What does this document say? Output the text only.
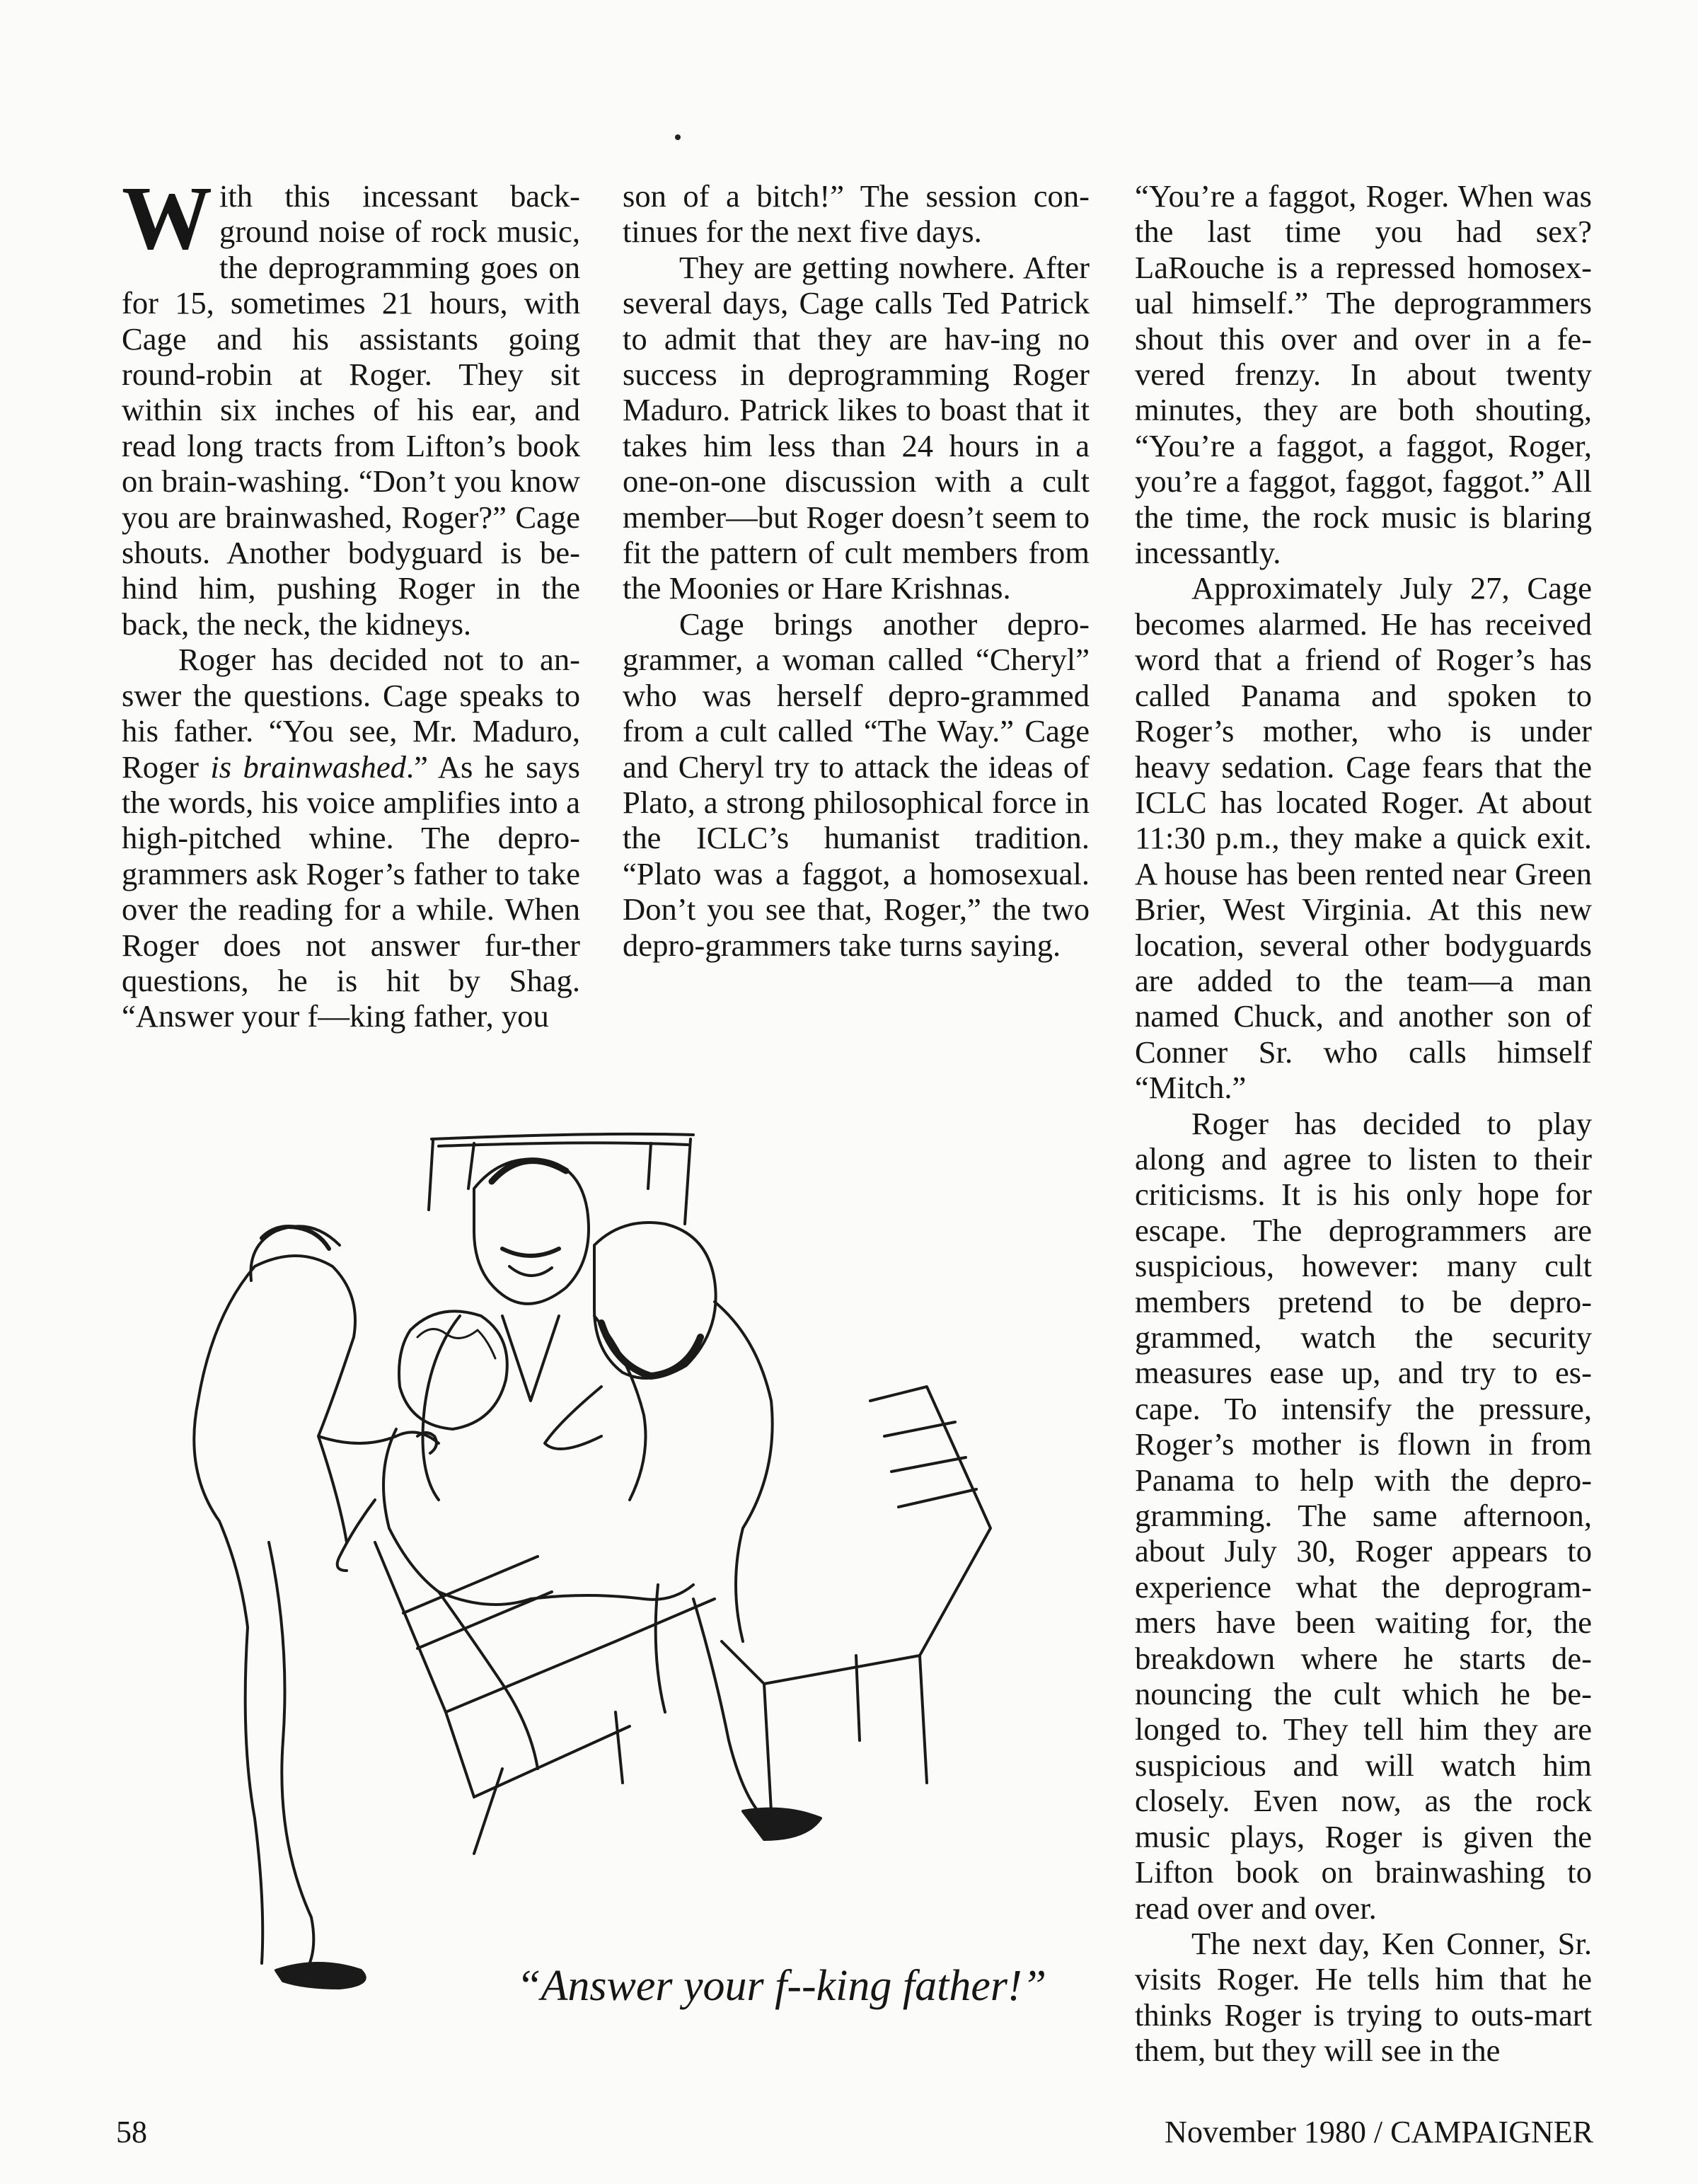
With this incessant back-ground noise of rock music, the deprogramming goes on for 15, sometimes 21 hours, with Cage and his assistants going round-robin at Roger. They sit within six inches of his ear, and read long tracts from Lifton’s book on brain-washing. “Don’t you know you are brainwashed, Roger?” Cage shouts. Another bodyguard is be-hind him, pushing Roger in the back, the neck, the kidneys.

Roger has decided not to an-swer the questions. Cage speaks to his father. “You see, Mr. Maduro, Roger is brainwashed.” As he says the words, his voice amplifies into a high-pitched whine. The depro-grammers ask Roger’s father to take over the reading for a while. When Roger does not answer fur-ther questions, he is hit by Shag. “Answer your f—king father, you

son of a bitch!” The session con-tinues for the next five days.

They are getting nowhere. After several days, Cage calls Ted Patrick to admit that they are hav-ing no success in deprogramming Roger Maduro. Patrick likes to boast that it takes him less than 24 hours in a one-on-one discussion with a cult member—but Roger doesn’t seem to fit the pattern of cult members from the Moonies or Hare Krishnas.

Cage brings another depro-grammer, a woman called “Cheryl” who was herself depro-grammed from a cult called “The Way.” Cage and Cheryl try to attack the ideas of Plato, a strong philosophical force in the ICLC’s humanist tradition. “Plato was a faggot, a homosexual. Don’t you see that, Roger,” the two depro-grammers take turns saying.

“You’re a faggot, Roger. When was the last time you had sex? LaRouche is a repressed homosex-ual himself.” The deprogrammers shout this over and over in a fe-vered frenzy. In about twenty minutes, they are both shouting, “You’re a faggot, a faggot, Roger, you’re a faggot, faggot, faggot.” All the time, the rock music is blaring incessantly.

Approximately July 27, Cage becomes alarmed. He has received word that a friend of Roger’s has called Panama and spoken to Roger’s mother, who is under heavy sedation. Cage fears that the ICLC has located Roger. At about 11:30 p.m., they make a quick exit. A house has been rented near Green Brier, West Virginia. At this new location, several other bodyguards are added to the team—a man named Chuck, and another son of Conner Sr. who calls himself “Mitch.”

Roger has decided to play along and agree to listen to their criticisms. It is his only hope for escape. The deprogrammers are suspicious, however: many cult members pretend to be depro-grammed, watch the security measures ease up, and try to es-cape. To intensify the pressure, Roger’s mother is flown in from Panama to help with the depro-gramming. The same afternoon, about July 30, Roger appears to experience what the deprogram-mers have been waiting for, the breakdown where he starts de-nouncing the cult which he be-longed to. They tell him they are suspicious and will watch him closely. Even now, as the rock music plays, Roger is given the Lifton book on brainwashing to read over and over.

The next day, Ken Conner, Sr. visits Roger. He tells him that he thinks Roger is trying to outs-mart them, but they will see in the

“Answer your f--king father!”
58	November 1980 / CAMPAIGNER
